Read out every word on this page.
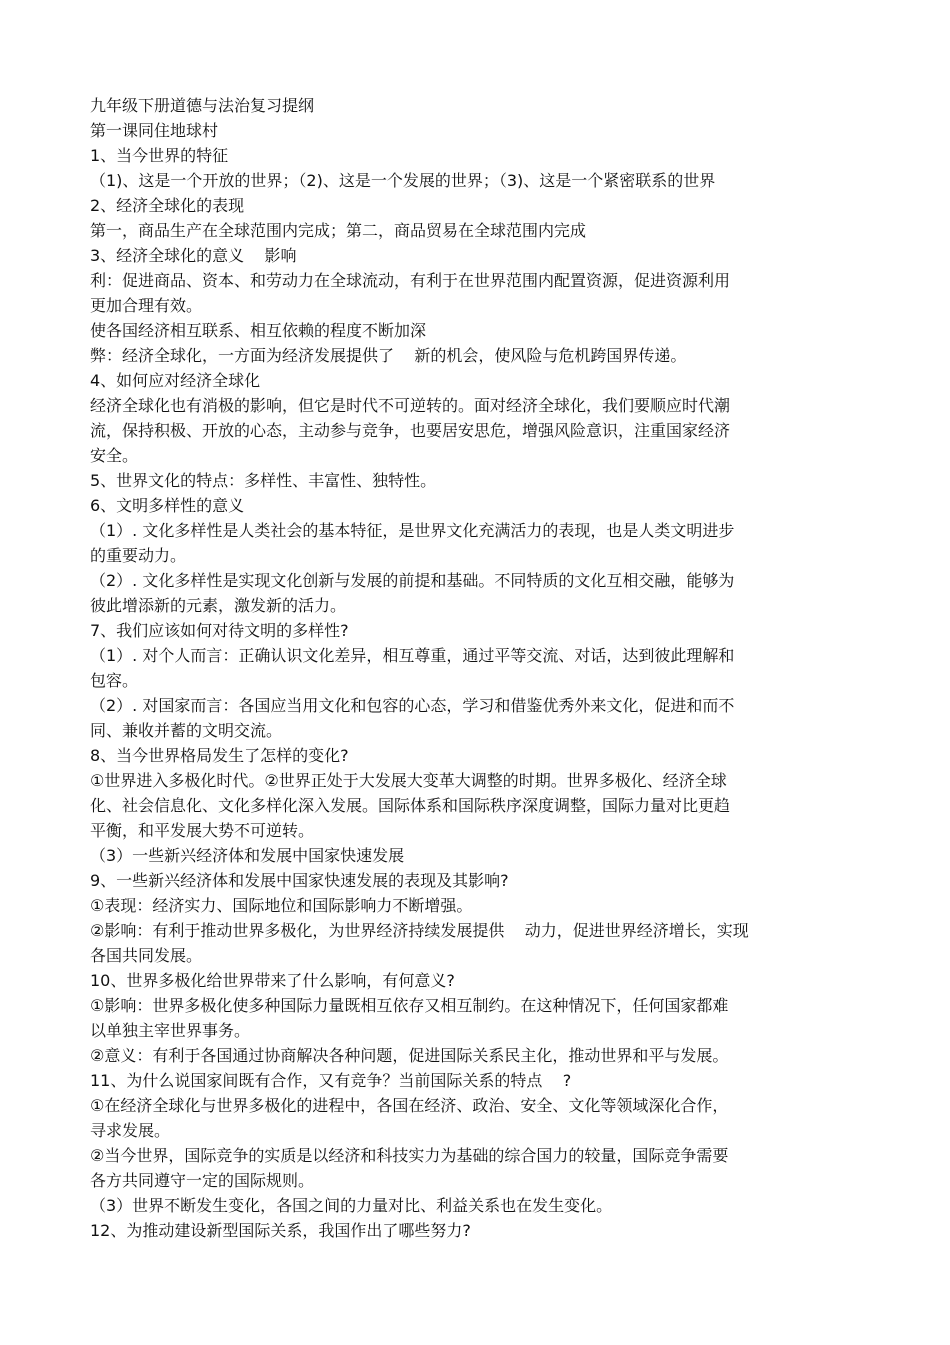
九年级下册道德与法治复习提纲
第一课同住地球村
1、当今世界的特征
（1)、这是一个开放的世界；（2)、这是一个发展的世界；（3)、这是一个紧密联系的世界
2、经济全球化的表现
第一，商品生产在全球范围内完成；第二，商品贸易在全球范围内完成
3、经济全球化的意义    影响
利：促进商品、资本、和劳动力在全球流动，有利于在世界范围内配置资源，促进资源利用
更加合理有效。
使各国经济相互联系、相互依赖的程度不断加深
弊：经济全球化，一方面为经济发展提供了    新的机会，使风险与危机跨国界传递。
4、如何应对经济全球化
经济全球化也有消极的影响，但它是时代不可逆转的。面对经济全球化，我们要顺应时代潮
流，保持积极、开放的心态，主动参与竞争，也要居安思危，增强风险意识，注重国家经济
安全。
5、世界文化的特点：多样性、丰富性、独特性。
6、文明多样性的意义
（1）. 文化多样性是人类社会的基本特征，是世界文化充满活力的表现，也是人类文明进步
的重要动力。
（2）. 文化多样性是实现文化创新与发展的前提和基础。不同特质的文化互相交融，能够为
彼此增添新的元素，激发新的活力。
7、我们应该如何对待文明的多样性?
（1）. 对个人而言：正确认识文化差异，相互尊重，通过平等交流、对话，达到彼此理解和
包容。
（2）. 对国家而言：各国应当用文化和包容的心态，学习和借鉴优秀外来文化，促进和而不
同、兼收并蓄的文明交流。
8、当今世界格局发生了怎样的变化?
①世界进入多极化时代。②世界正处于大发展大变革大调整的时期。世界多极化、经济全球
化、社会信息化、文化多样化深入发展。国际体系和国际秩序深度调整，国际力量对比更趋
平衡，和平发展大势不可逆转。
（3）一些新兴经济体和发展中国家快速发展
9、一些新兴经济体和发展中国家快速发展的表现及其影响?
①表现：经济实力、国际地位和国际影响力不断增强。
②影响：有利于推动世界多极化，为世界经济持续发展提供    动力，促进世界经济增长，实现
各国共同发展。
10、世界多极化给世界带来了什么影响，有何意义?
①影响：世界多极化使多种国际力量既相互依存又相互制约。在这种情况下，任何国家都难
以单独主宰世界事务。
②意义：有利于各国通过协商解决各种问题，促进国际关系民主化，推动世界和平与发展。
11、为什么说国家间既有合作，又有竞争？当前国际关系的特点    ?
①在经济全球化与世界多极化的进程中，各国在经济、政治、安全、文化等领域深化合作，
寻求发展。
②当今世界，国际竞争的实质是以经济和科技实力为基础的综合国力的较量，国际竞争需要
各方共同遵守一定的国际规则。
（3）世界不断发生变化，各国之间的力量对比、利益关系也在发生变化。
12、为推动建设新型国际关系，我国作出了哪些努力?
